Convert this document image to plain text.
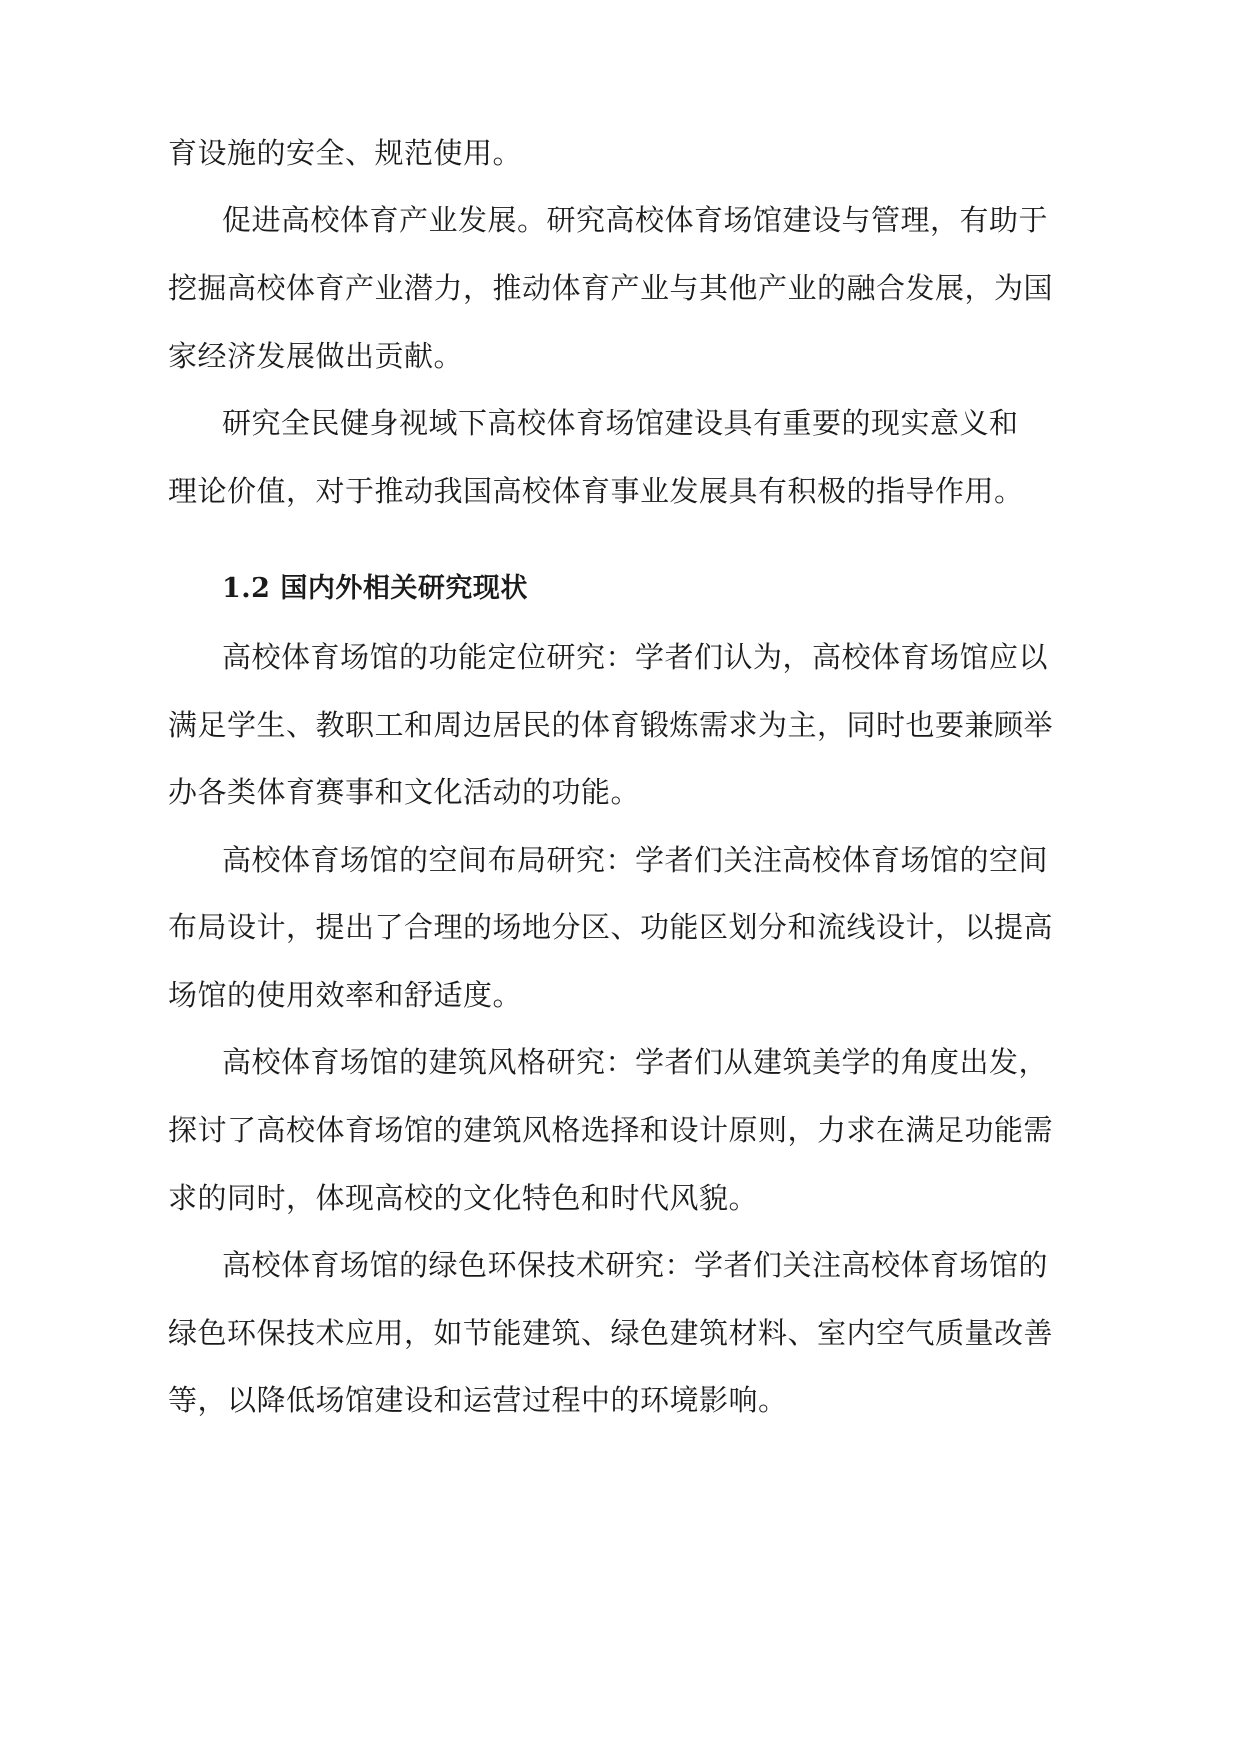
育设施的安全、规范使用。
促进高校体育产业发展。研究高校体育场馆建设与管理，有助于
挖掘高校体育产业潜力，推动体育产业与其他产业的融合发展，为国
家经济发展做出贡献。
研究全民健身视域下高校体育场馆建设具有重要的现实意义和
理论价值，对于推动我国高校体育事业发展具有积极的指导作用。
1.2 国内外相关研究现状
高校体育场馆的功能定位研究：学者们认为，高校体育场馆应以
满足学生、教职工和周边居民的体育锻炼需求为主，同时也要兼顾举
办各类体育赛事和文化活动的功能。
高校体育场馆的空间布局研究：学者们关注高校体育场馆的空间
布局设计，提出了合理的场地分区、功能区划分和流线设计，以提高
场馆的使用效率和舒适度。
高校体育场馆的建筑风格研究：学者们从建筑美学的角度出发，
探讨了高校体育场馆的建筑风格选择和设计原则，力求在满足功能需
求的同时，体现高校的文化特色和时代风貌。
高校体育场馆的绿色环保技术研究：学者们关注高校体育场馆的
绿色环保技术应用，如节能建筑、绿色建筑材料、室内空气质量改善
等，以降低场馆建设和运营过程中的环境影响。
